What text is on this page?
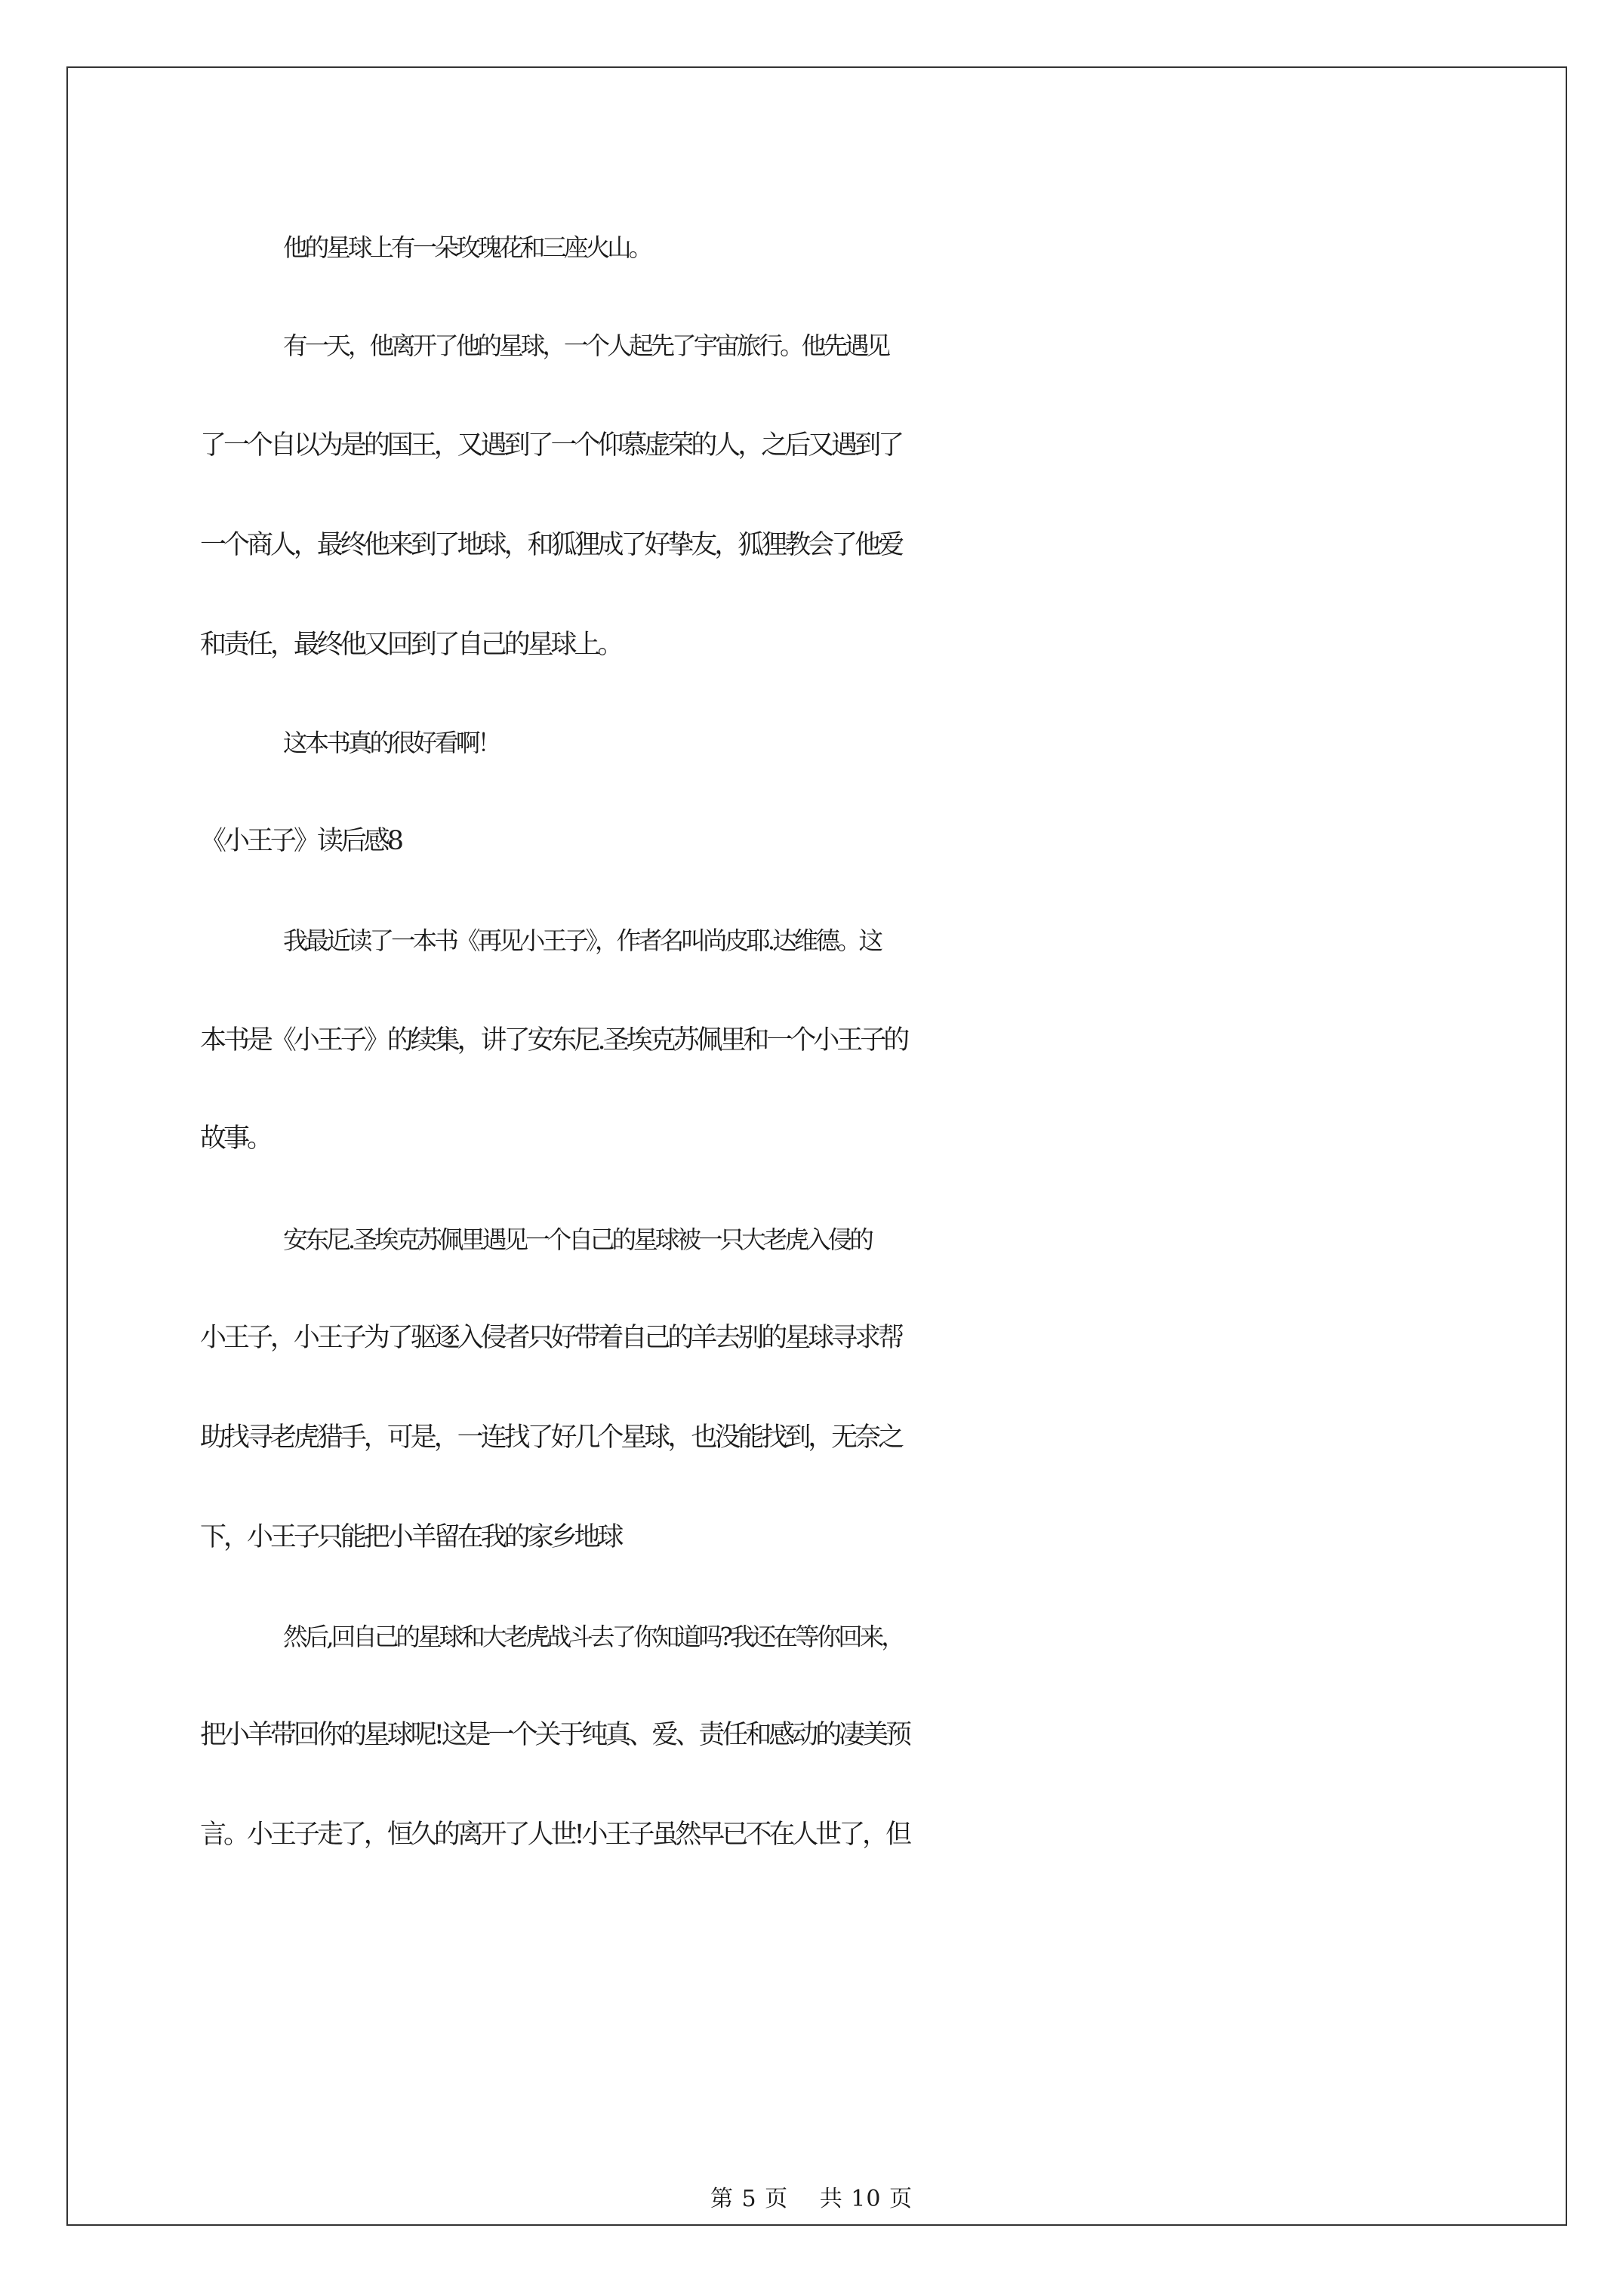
他的星球上有一朵玫瑰花和三座火山。
有一天，他离开了他的星球，一个人起先了宇宙旅行。他先遇见
了一个自以为是的国王，又遇到了一个仰慕虚荣的人，之后又遇到了
一个商人，最终他来到了地球，和狐狸成了好挚友，狐狸教会了他爱
和责任，最终他又回到了自己的星球上。
这本书真的很好看啊！
《小王子》读后感8
我最近读了一本书《再见小王子》，作者名叫尚皮耶.达维德。这
本书是《小王子》的续集，讲了安东尼.圣埃克苏佩里和一个小王子的
故事。
安东尼.圣埃克苏佩里遇见一个自己的星球被一只大老虎入侵的
小王子，小王子为了驱逐入侵者只好带着自己的羊去别的星球寻求帮
助找寻老虎猎手，可是，一连找了好几个星球，也没能找到，无奈之
下，小王子只能把小羊留在我的家乡地球
然后,回自己的星球和大老虎战斗去了你知道吗?我还在等你回来，
把小羊带回你的星球呢!这是一个关于纯真、爱、责任和感动的凄美预
言。小王子走了，恒久的离开了人世!小王子虽然早已不在人世了，但
第 5 页　 共 10 页
